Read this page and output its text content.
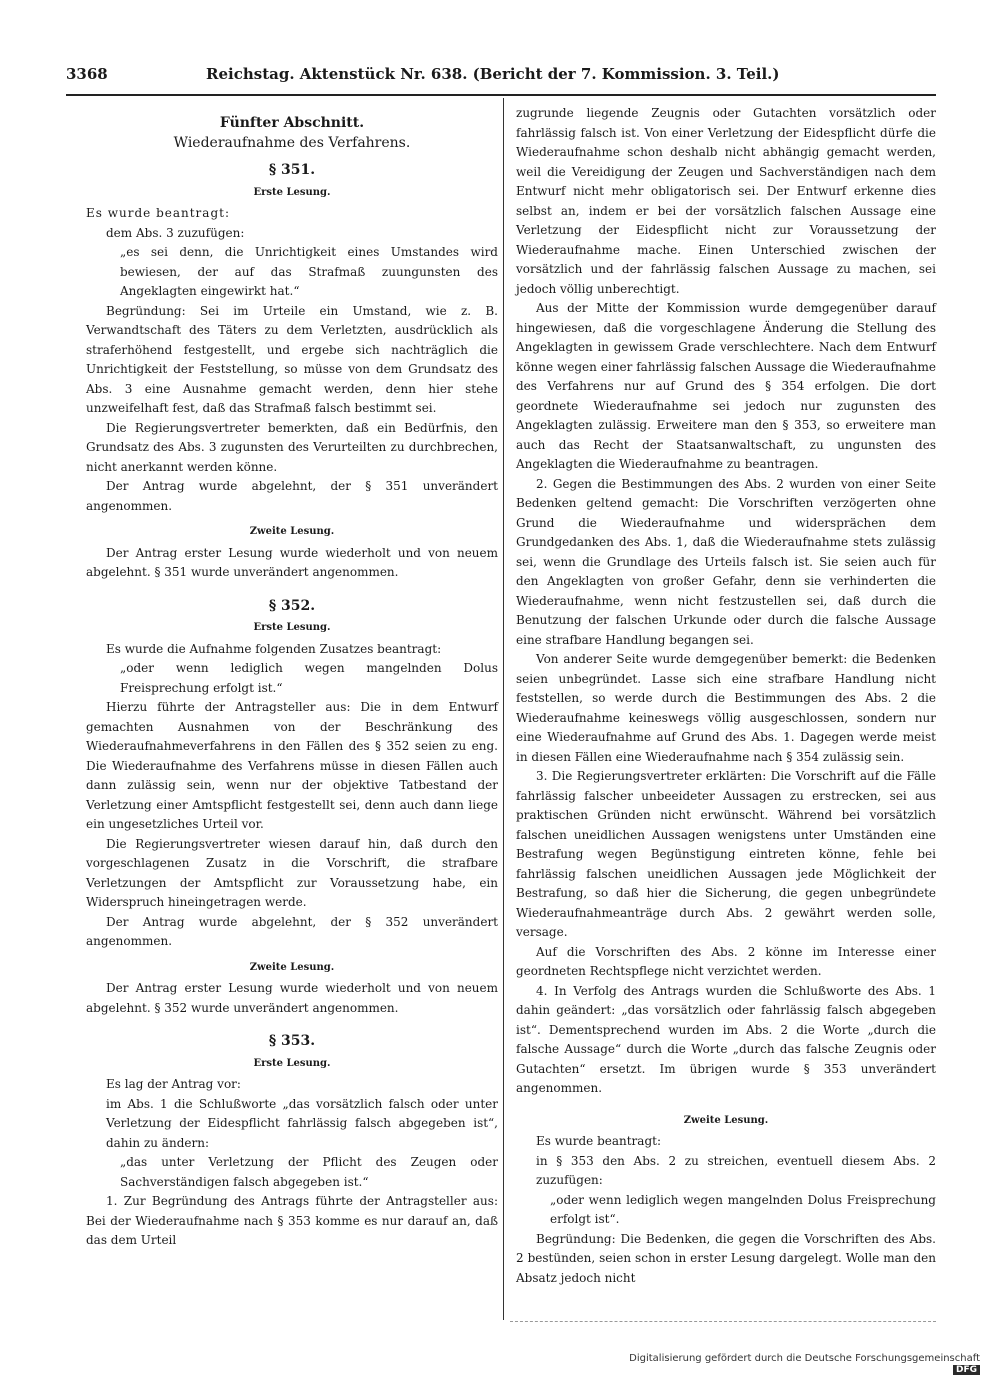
3368	Reichstag. Aktenstück Nr. 638. (Bericht der 7. Kommission. 3. Teil.)

Fünfter Abschnitt.

Wiederaufnahme des Verfahrens.

§ 351.

Erste Lesung.

Es wurde beantragt:

dem Abs. 3 zuzufügen:

„es sei denn, die Unrichtigkeit eines Umstandes wird bewiesen, der auf das Strafmaß zuungunsten des Angeklagten eingewirkt hat.“

Begründung: Sei im Urteile ein Umstand, wie z. B. Verwandtschaft des Täters zu dem Verletzten, ausdrücklich als straferhöhend festgestellt, und ergebe sich nachträglich die Unrichtigkeit der Feststellung, so müsse von dem Grundsatz des Abs. 3 eine Ausnahme gemacht werden, denn hier stehe unzweifelhaft fest, daß das Strafmaß falsch bestimmt sei.

Die Regierungsvertreter bemerkten, daß ein Bedürfnis, den Grundsatz des Abs. 3 zugunsten des Verurteilten zu durchbrechen, nicht anerkannt werden könne.

Der Antrag wurde abgelehnt, der § 351 unverändert angenommen.

Zweite Lesung.

Der Antrag erster Lesung wurde wiederholt und von neuem abgelehnt. § 351 wurde unverändert angenommen.

§ 352.

Erste Lesung.

Es wurde die Aufnahme folgenden Zusatzes beantragt:

„oder wenn lediglich wegen mangelnden Dolus Freisprechung erfolgt ist.“

Hierzu führte der Antragsteller aus: Die in dem Entwurf gemachten Ausnahmen von der Beschränkung des Wiederaufnahmeverfahrens in den Fällen des § 352 seien zu eng. Die Wiederaufnahme des Verfahrens müsse in diesen Fällen auch dann zulässig sein, wenn nur der objektive Tatbestand der Verletzung einer Amtspflicht festgestellt sei, denn auch dann liege ein ungesetzliches Urteil vor.

Die Regierungsvertreter wiesen darauf hin, daß durch den vorgeschlagenen Zusatz in die Vorschrift, die strafbare Verletzungen der Amtspflicht zur Voraussetzung habe, ein Widerspruch hineingetragen werde.

Der Antrag wurde abgelehnt, der § 352 unverändert angenommen.

Zweite Lesung.

Der Antrag erster Lesung wurde wiederholt und von neuem abgelehnt. § 352 wurde unverändert angenommen.

§ 353.

Erste Lesung.

Es lag der Antrag vor:

im Abs. 1 die Schlußworte „das vorsätzlich falsch oder unter Verletzung der Eidespflicht fahrlässig falsch abgegeben ist“, dahin zu ändern:

„das unter Verletzung der Pflicht des Zeugen oder Sachverständigen falsch abgegeben ist.“

1. Zur Begründung des Antrags führte der Antragsteller aus: Bei der Wiederaufnahme nach § 353 komme es nur darauf an, daß das dem Urteil

zugrunde liegende Zeugnis oder Gutachten vorsätzlich oder fahrlässig falsch ist. Von einer Verletzung der Eidespflicht dürfe die Wiederaufnahme schon deshalb nicht abhängig gemacht werden, weil die Vereidigung der Zeugen und Sachverständigen nach dem Entwurf nicht mehr obligatorisch sei. Der Entwurf erkenne dies selbst an, indem er bei der vorsätzlich falschen Aussage eine Verletzung der Eidespflicht nicht zur Voraussetzung der Wiederaufnahme mache. Einen Unterschied zwischen der vorsätzlich und der fahrlässig falschen Aussage zu machen, sei jedoch völlig unberechtigt.

Aus der Mitte der Kommission wurde demgegenüber darauf hingewiesen, daß die vorgeschlagene Änderung die Stellung des Angeklagten in gewissem Grade verschlechtere. Nach dem Entwurf könne wegen einer fahrlässig falschen Aussage die Wiederaufnahme des Verfahrens nur auf Grund des § 354 erfolgen. Die dort geordnete Wiederaufnahme sei jedoch nur zugunsten des Angeklagten zulässig. Erweitere man den § 353, so erweitere man auch das Recht der Staatsanwaltschaft, zu ungunsten des Angeklagten die Wiederaufnahme zu beantragen.

2. Gegen die Bestimmungen des Abs. 2 wurden von einer Seite Bedenken geltend gemacht: Die Vorschriften verzögerten ohne Grund die Wiederaufnahme und widersprächen dem Grundgedanken des Abs. 1, daß die Wiederaufnahme stets zulässig sei, wenn die Grundlage des Urteils falsch ist. Sie seien auch für den Angeklagten von großer Gefahr, denn sie verhinderten die Wiederaufnahme, wenn nicht festzustellen sei, daß durch die Benutzung der falschen Urkunde oder durch die falsche Aussage eine strafbare Handlung begangen sei.

Von anderer Seite wurde demgegenüber bemerkt: die Bedenken seien unbegründet. Lasse sich eine strafbare Handlung nicht feststellen, so werde durch die Bestimmungen des Abs. 2 die Wiederaufnahme keineswegs völlig ausgeschlossen, sondern nur eine Wiederaufnahme auf Grund des Abs. 1. Dagegen werde meist in diesen Fällen eine Wiederaufnahme nach § 354 zulässig sein.

3. Die Regierungsvertreter erklärten: Die Vorschrift auf die Fälle fahrlässig falscher unbeeideter Aussagen zu erstrecken, sei aus praktischen Gründen nicht erwünscht. Während bei vorsätzlich falschen uneidlichen Aussagen wenigstens unter Umständen eine Bestrafung wegen Begünstigung eintreten könne, fehle bei fahrlässig falschen uneidlichen Aussagen jede Möglichkeit der Bestrafung, so daß hier die Sicherung, die gegen unbegründete Wiederaufnahmeanträge durch Abs. 2 gewährt werden solle, versage.

Auf die Vorschriften des Abs. 2 könne im Interesse einer geordneten Rechtspflege nicht verzichtet werden.

4. In Verfolg des Antrags wurden die Schlußworte des Abs. 1 dahin geändert: „das vorsätzlich oder fahrlässig falsch abgegeben ist“. Dementsprechend wurden im Abs. 2 die Worte „durch die falsche Aussage“ durch die Worte „durch das falsche Zeugnis oder Gutachten“ ersetzt. Im übrigen wurde § 353 unverändert angenommen.

Zweite Lesung.

Es wurde beantragt:

in § 353 den Abs. 2 zu streichen, eventuell diesem Abs. 2 zuzufügen:

„oder wenn lediglich wegen mangelnden Dolus Freisprechung erfolgt ist“.

Begründung: Die Bedenken, die gegen die Vorschriften des Abs. 2 bestünden, seien schon in erster Lesung dargelegt. Wolle man den Absatz jedoch nicht

Digitalisierung gefördert durch die Deutsche Forschungsgemeinschaft DFG
